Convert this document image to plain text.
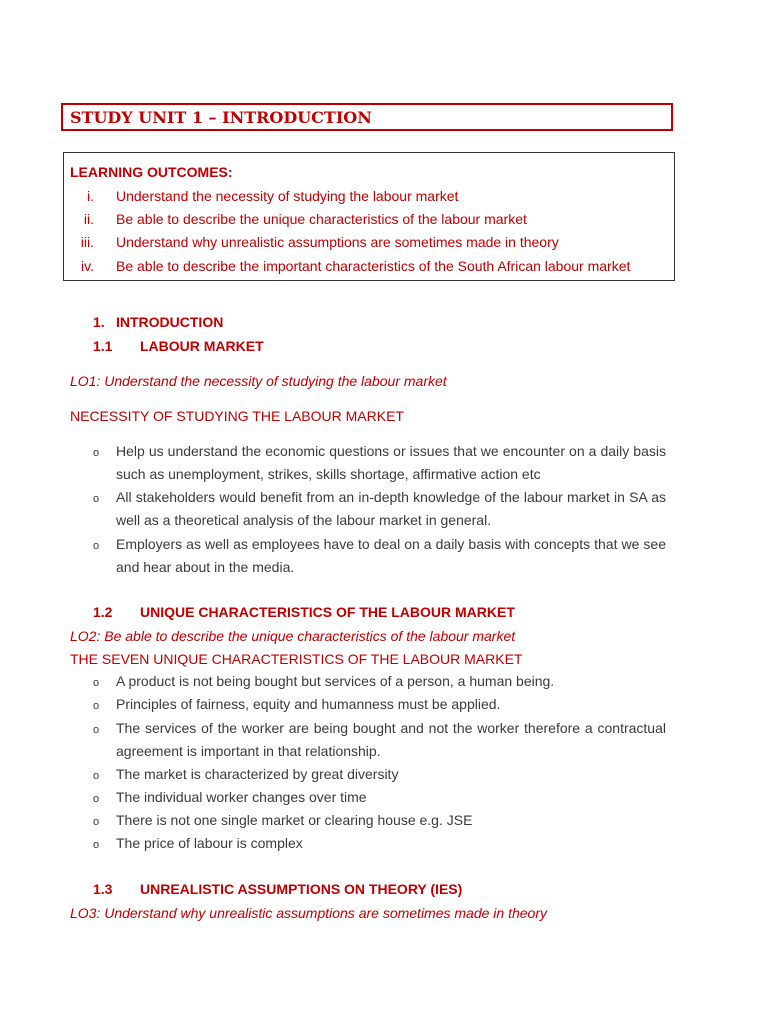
STUDY UNIT 1 – INTRODUCTION
LEARNING OUTCOMES:
i. Understand the necessity of studying the labour market
ii. Be able to describe the unique characteristics of the labour market
iii. Understand why unrealistic assumptions are sometimes made in theory
iv. Be able to describe the important characteristics of the South African labour market
1. INTRODUCTION
1.1 LABOUR MARKET
LO1: Understand the necessity of studying the labour market
NECESSITY OF STUDYING THE LABOUR MARKET
o Help us understand the economic questions or issues that we encounter on a daily basis such as unemployment, strikes, skills shortage, affirmative action etc
o All stakeholders would benefit from an in-depth knowledge of the labour market in SA as well as a theoretical analysis of the labour market in general.
o Employers as well as employees have to deal on a daily basis with concepts that we see and hear about in the media.
1.2 UNIQUE CHARACTERISTICS OF THE LABOUR MARKET
LO2: Be able to describe the unique characteristics of the labour market
THE SEVEN UNIQUE CHARACTERISTICS OF THE LABOUR MARKET
o A product is not being bought but services of a person, a human being.
o Principles of fairness, equity and humanness must be applied.
o The services of the worker are being bought and not the worker therefore a contractual agreement is important in that relationship.
o The market is characterized by great diversity
o The individual worker changes over time
o There is not one single market or clearing house e.g. JSE
o The price of labour is complex
1.3 UNREALISTIC ASSUMPTIONS ON THEORY (IES)
LO3: Understand why unrealistic assumptions are sometimes made in theory
